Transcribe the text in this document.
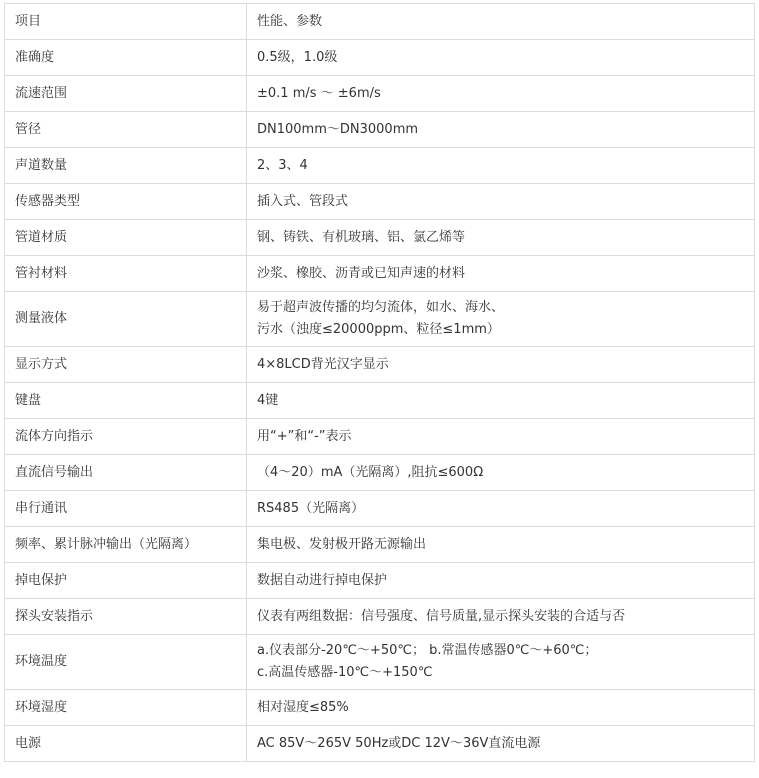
项目	性能、参数
准确度	0.5级，1.0级

流速范围	±0.1 m/s ～ ±6m/s

管径	DN100mm～DN3000mm

声道数量	2、3、4

传感器类型	插入式、管段式

管道材质	钢、铸铁、有机玻璃、铝、氯乙烯等

管衬材料	沙浆、橡胶、沥青或已知声速的材料

测量液体	易于超声波传播的均匀流体，如水、海水、
污水（浊度≤20000ppm、粒径≤1mm）

显示方式	4×8LCD背光汉字显示

键盘	4键

流体方向指示	用“+”和“-”表示

直流信号输出	（4～20）mA（光隔离）,阻抗≤600Ω

串行通讯	RS485（光隔离）

频率、累计脉冲输出（光隔离）	集电极、发射极开路无源输出

掉电保护	数据自动进行掉电保护

探头安装指示	仪表有两组数据：信号强度、信号质量,显示探头安装的合适与否

环境温度	a.仪表部分-20℃～+50℃； b.常温传感器0℃～+60℃；
c.高温传感器-10℃～+150℃

环境湿度	相对湿度≤85%

电源	AC 85V～265V 50Hz或DC 12V～36V直流电源
